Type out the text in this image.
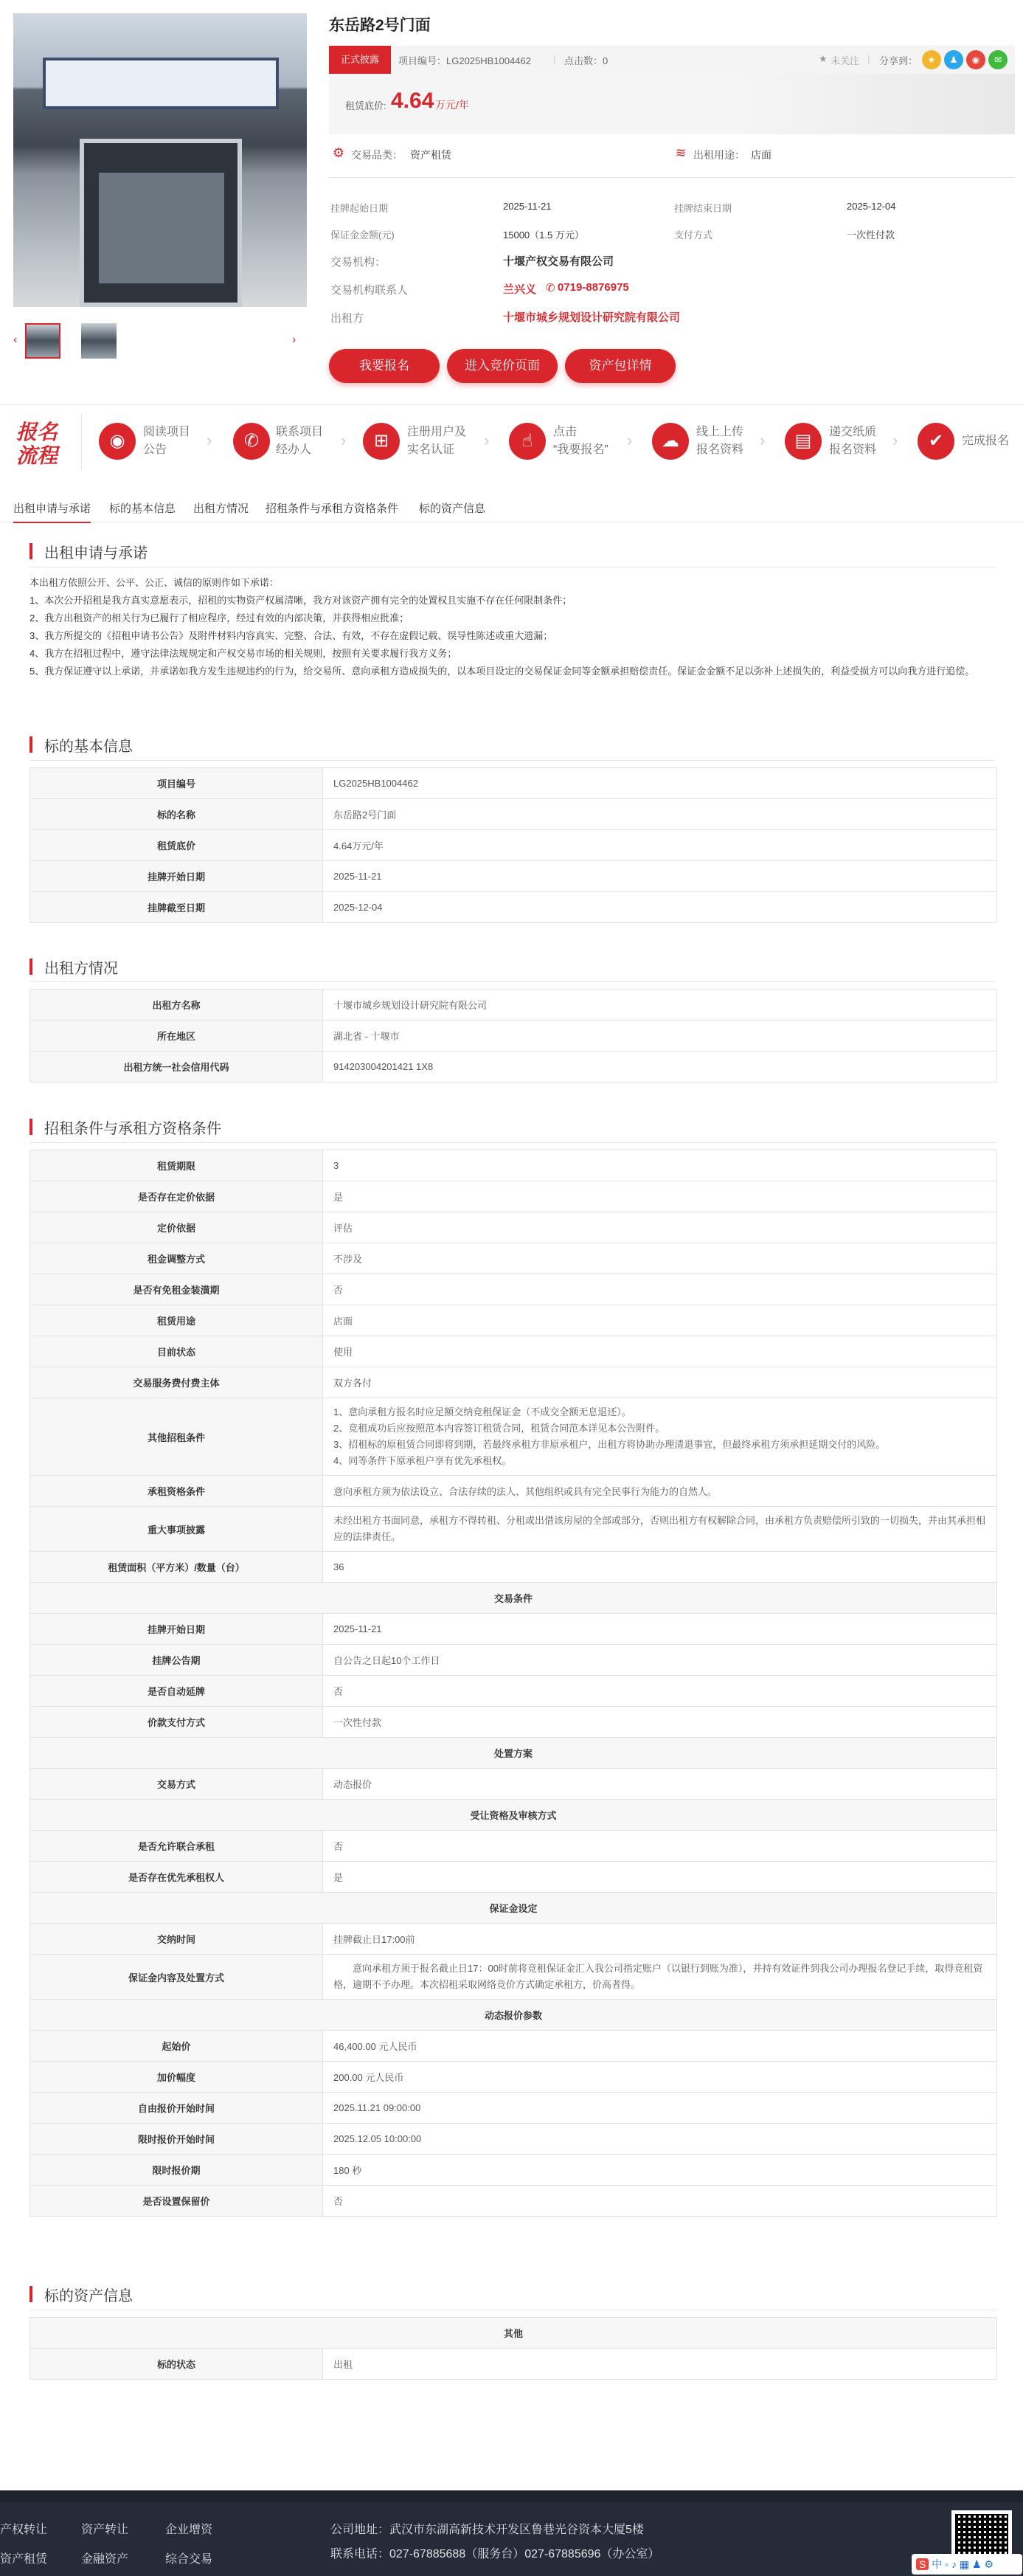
‹	›
东岳路2号门面
正式披露	项目编号：LG2025HB1004462 | 点击数：0	★ 未关注 | 分享到：	★	♟	◉	✉
租赁底价: 4.64 万元/年
⚙ 交易品类： 资产租赁	≋ 出租用途： 店面
挂牌起始日期	2025-11-21	挂牌结束日期	2025-12-04
保证金金额(元)	15000（1.5 万元）	支付方式	一次性付款
交易机构：	十堰产权交易有限公司
交易机构联系人	兰兴义 ✆ 0719-8876975
出租方	十堰市城乡规划设计研究院有限公司
我要报名	进入竞价页面	资产包详情
报名
流程
◉	阅读项目
公告
›	✆	联系项目
经办人
›	⊞	注册用户及
实名认证
›	☝	点击
“我要报名”
›	☁	线上上传
报名资料
›	▤	递交纸质
报名资料
›	✔	完成报名
出租申请与承诺 标的基本信息 出租方情况 招租条件与承租方资格条件 标的资产信息
出租申请与承诺
本出租方依照公开、公平、公正、诚信的原则作如下承诺：
1、本次公开招租是我方真实意愿表示，招租的实物资产权属清晰，我方对该资产拥有完全的处置权且实施不存在任何限制条件；
2、我方出租资产的相关行为已履行了相应程序，经过有效的内部决策，并获得相应批准；
3、我方所提交的《招租申请书公告》及附件材料内容真实、完整、合法、有效，不存在虚假记载、误导性陈述或重大遗漏；
4、我方在招租过程中，遵守法律法规规定和产权交易市场的相关规则，按照有关要求履行我方义务；
5、我方保证遵守以上承诺，并承诺如我方发生违规违约的行为，给交易所、意向承租方造成损失的，以本项目设定的交易保证金同等金额承担赔偿责任。保证金金额不足以弥补上述损失的，利益受损方可以向我方进行追偿。
标的基本信息
项目编号	LG2025HB1004462
标的名称	东岳路2号门面
租赁底价	4.64万元/年
挂牌开始日期	2025-11-21
挂牌截至日期	2025-12-04
出租方情况
出租方名称	十堰市城乡规划设计研究院有限公司
所在地区	湖北省 - 十堰市
出租方统一社会信用代码	914203004201421 1X8
招租条件与承租方资格条件
租赁期限	3
是否存在定价依据	是
定价依据	评估
租金调整方式	不涉及
是否有免租金装潢期	否
租赁用途	店面
目前状态	使用
交易服务费付费主体	双方各付
其他招租条件	1、意向承租方报名时应足额交纳竞租保证金（不成交全额无息退还）。
2、竞租成功后应按照范本内容签订租赁合同，租赁合同范本详见本公告附件。
3、招租标的原租赁合同即将到期，若最终承租方非原承租户，出租方将协助办理清退事宜，但最终承租方须承担延期交付的风险。
4、同等条件下原承租户享有优先承租权。
承租资格条件	意向承租方须为依法设立、合法存续的法人、其他组织或具有完全民事行为能力的自然人。
重大事项披露	未经出租方书面同意，承租方不得转租、分租或出借该房屋的全部或部分，否则出租方有权解除合同，由承租方负责赔偿所引致的一切损失，并由其承担相应的法律责任。
租赁面积（平方米）/数量（台）	36
交易条件	
挂牌开始日期	2025-11-21
挂牌公告期	自公告之日起10个工作日
是否自动延牌	否
价款支付方式	一次性付款
处置方案	
交易方式	动态报价
受让资格及审核方式	
是否允许联合承租	否
是否存在优先承租权人	是
保证金设定	
交纳时间	挂牌截止日17:00前
保证金内容及处置方式	　　意向承租方须于报名截止日17：00时前将竞租保证金汇入我公司指定账户（以银行到账为准），并持有效证件到我公司办理报名登记手续，取得竞租资格，逾期不予办理。本次招租采取网络竞价方式确定承租方，价高者得。
动态报价参数	
起始价	46,400.00 元人民币
加价幅度	200.00 元人民币
自由报价开始时间	2025.11.21 09:00:00
限时报价开始时间	2025.12.05 10:00:00
限时报价期	180 秒
是否设置保留价	否
标的资产信息
其他
标的状态	出租
产权转让	资产转让	企业增资
资产租赁	金融资产	综合交易
公司地址：武汉市东湖高新技术开发区鲁巷光谷资本大厦5楼
联系电话：027-67885688（服务台）027-67885696（办公室）
S 中 ◦ ♪ ▦ ♟ ⚙
